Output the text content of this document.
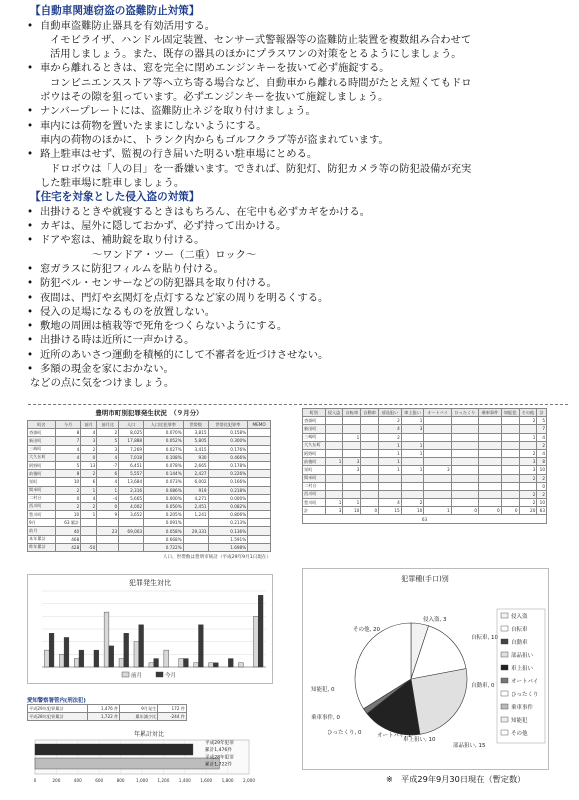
【自動車関連窃盗の盗難防止対策】
• 自動車盗難防止器具を有効活用する。
イモビライザ、ハンドル固定装置、センサー式警報器等の盗難防止装置を複数組み合わせて
活用しましょう。また、既存の器具のほかにプラスワンの対策をとるようにしましょう。
• 車から離れるときは、窓を完全に閉めエンジンキーを抜いて必ず施錠する。
コンビニエンスストア等へ立ち寄る場合など、自動車から離れる時間がたとえ短くてもドロ
ボウはその隙を狙っています。必ずエンジンキーを抜いて施錠しましょう。
• ナンバープレートには、盗難防止ネジを取り付けましょう。
• 車内には荷物を置いたままにしないようにする。
車内の荷物のほかに、トランク内からもゴルフクラブ等が盗まれています。
• 路上駐車はせず、監視の行き届いた明るい駐車場にとめる。
ドロボウは「人の目」を一番嫌います。できれば、防犯灯、防犯カメラ等の防犯設備が充実
した駐車場に駐車しましょう。
【住宅を対象とした侵入盗の対策】
• 出掛けるときや就寝するときはもちろん、在宅中も必ずカギをかける。
• カギは、屋外に隠しておかず、必ず持って出かける。
• ドアや窓は、補助錠を取り付ける。
～ワンドア・ツー（二重）ロック～
• 窓ガラスに防犯フィルムを貼り付ける。
• 防犯ベル・センサーなどの防犯器具を取り付ける。
• 夜間は、門灯や玄関灯を点灯するなど家の周りを明るくする。
• 侵入の足場になるものを放置しない。
• 敷地の周囲は植栽等で死角をつくらないようにする。
• 出掛ける時は近所に一声かける。
• 近所のあいさつ運動を積極的にして不審者を近づけさせない。
• 多額の現金を家におかない。
などの点に気をつけましょう。
豊明市町別犯罪発生状況　（９月分）
町名	今月	前月	前月比	人口	人口比犯罪率	世帯数	世帯比犯罪率	MEMO
沓掛町	8	4	2	8,025	0.070%	3,815	0.158%	
新田町	7	3	5	17,888	0.052%	5,805	0.300%	
三崎町	4	2	3	7,269	0.027%	3,415	0.176%	
大久伝町	4	0	4	7,018	0.108%	930	0.466%	
阿野町	5	13	-7	6,451	0.078%	2,665	0.178%	
前後町	8	2	6	5,557	0.144%	2,427	0.226%	
栄町	10	6	4	13,684	0.073%	6,002	0.166%	
間米町	2	1	1	2,316	0.086%	919	0.218%	
二村台	0	4	-4	5,665	0.000%	4,271	0.000%	
西川町	2	2	0	4,002	0.050%	2,451	0.082%	
豊川町	10	1	9	3,652	0.205%	1,241	0.806%	
9月	63 累計				0.091%		0.213%	
前月	40		23	69,003	0.058%	29,331	0.136%	
本年累計	468				0.668%		1.591%	
昨年累計	428	-50			0.722%		1.698%	
人口、世帯数は豊明市統計（平成29年9月1日現在）
犯罪発生対比
前月	今月
愛知警察署管内(刑法犯)
平成29年犯罪累計	1,476 件	9月発生	172 件
平成28年犯罪累計	1,722 件	累年減少比	-244 件
年累計対比
0	200	400	600	800	1,000 1,200 1,400 1,600 1,800 2,000
平成29年犯罪
累計1,476件
平成28年犯罪
累計1,722件
町別	侵入盗	自転車	自動車	部品狙い	車上狙い	オートバイ	ひったくり	乗車事件	知能犯	その他	計
沓掛町				2	1					2	5
新田町				4	3						7
三崎町		1		2						1	4
大久伝町				1	1						2
阿野町				1	1					2	4
前後町	1	3		1						3	8
栄町		3		1	1	3				3	10
間米町										2	2
二村台											0
西川町										2	2
豊川町	1	1		4	2					2	10
計	3	10	0	15	10	1	0	0	0	20	63
63											
犯罪種(手口)別
侵入盗, 3
自転車, 10
自動車, 0
部品狙い, 15
車上狙い, 10
オートバイ, 1
ひったくり, 0
乗車事件, 0
知能犯, 0
その他, 20
侵入盗
自転車
自動車
部品狙い
車上狙い
オートバイ
ひったくり
乗車事件
知能犯
その他
※　平成29年9月30日現在（暫定数）
